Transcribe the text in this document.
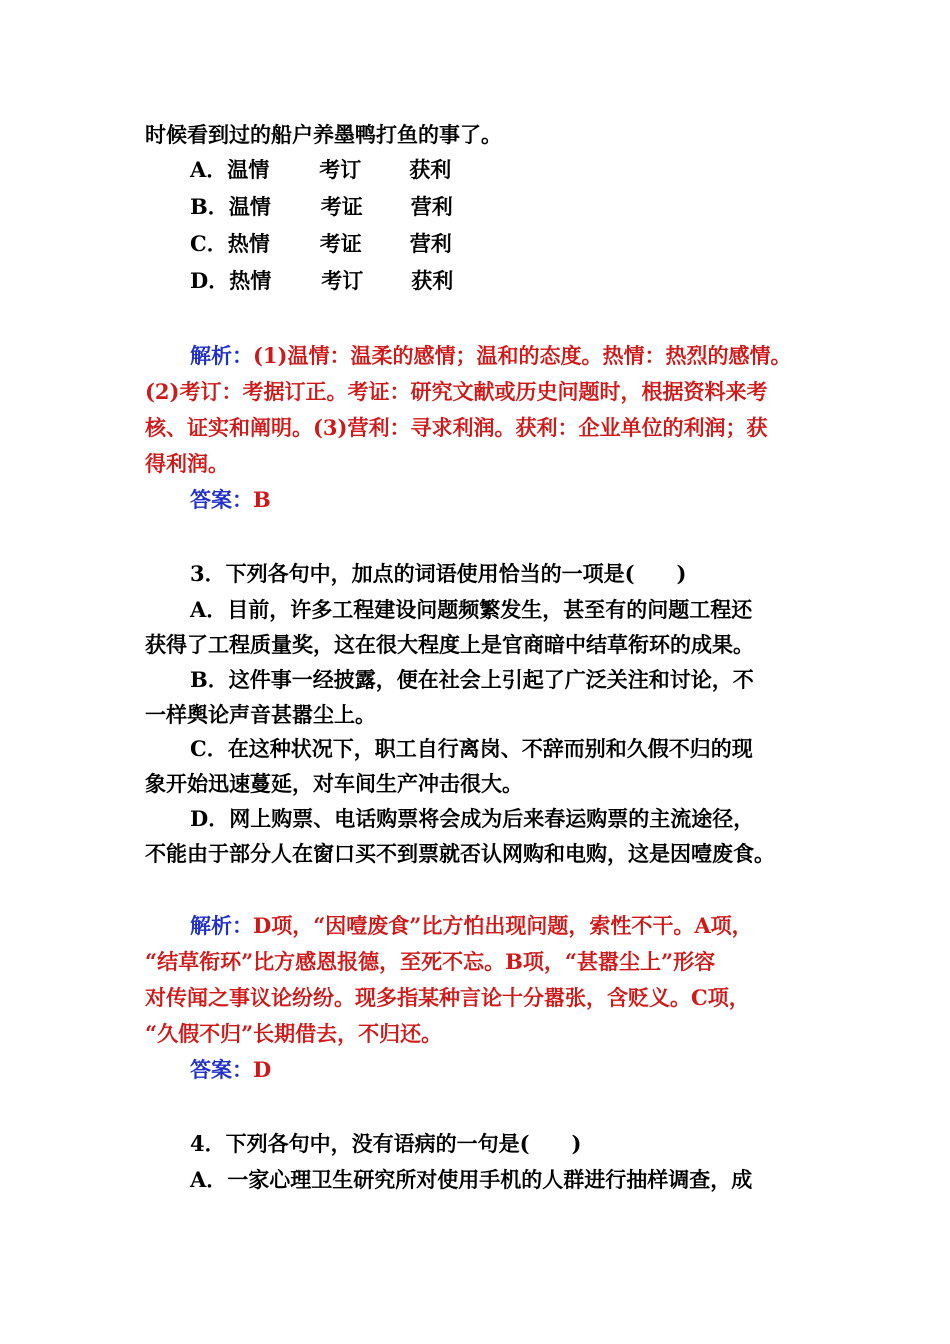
时候看到过的船户养墨鸭打鱼的事了。
A．温情 考订 获利
B．温情 考证 营利
C．热情 考证 营利
D．热情 考订 获利
解析：(1)温情：温柔的感情；温和的态度。热情：热烈的感情。
(2)考订：考据订正。考证：研究文献或历史问题时，根据资料来考
核、证实和阐明。(3)营利：寻求利润。获利：企业单位的利润；获
得利润。
答案：B
3．下列各句中，加点的词语使用恰当的一项是(　　)
A．目前，许多工程建设问题频繁发生，甚至有的问题工程还
获得了工程质量奖，这在很大程度上是官商暗中结草衔环的成果。
B．这件事一经披露，便在社会上引起了广泛关注和讨论，不
一样舆论声音甚嚣尘上。
C．在这种状况下，职工自行离岗、不辞而别和久假不归的现
象开始迅速蔓延，对车间生产冲击很大。
D．网上购票、电话购票将会成为后来春运购票的主流途径，
不能由于部分人在窗口买不到票就否认网购和电购，这是因噎废食。
解析：D项，“因噎废食”比方怕出现问题，索性不干。A项，
“结草衔环”比方感恩报德，至死不忘。B项，“甚嚣尘上”形容
对传闻之事议论纷纷。现多指某种言论十分嚣张，含贬义。C项，
“久假不归”长期借去，不归还。
答案：D
4．下列各句中，没有语病的一句是(　　)
A．一家心理卫生研究所对使用手机的人群进行抽样调查，成
